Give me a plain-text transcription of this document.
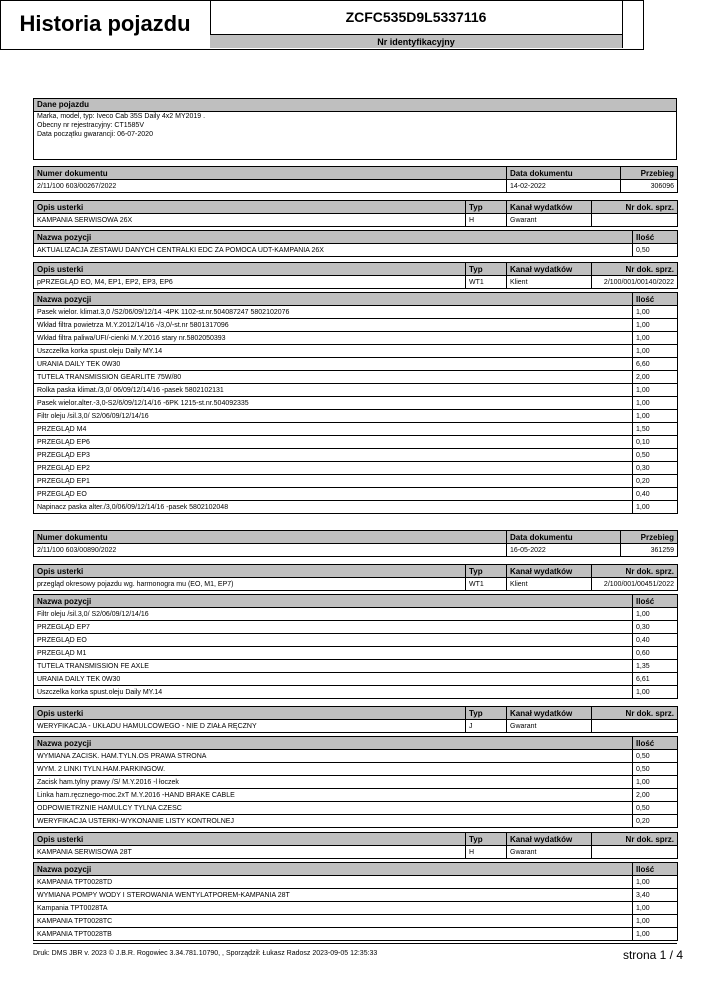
Historia pojazdu	ZCFC535D9L5337116
Nr identyfikacyjny
Dane pojazdu
Marka, model, typ: Iveco Cab 35S Daily 4x2 MY2019 .
Obecny nr rejestracyjny: CT1585V
Data początku gwarancji: 06-07-2020
Numer dokumentu	Data dokumentu	Przebieg
2/11/100 603/00267/2022	14-02-2022	306096
Opis usterki	Typ	Kanał wydatków	Nr dok. sprz.
KAMPANIA SERWISOWA 26X	H	Gwarant	
Nazwa pozycji	Ilość
AKTUALIZACJA ZESTAWU DANYCH CENTRALKI EDC ZA POMOCA UDT-KAMPANIA 26X	0,50
Opis usterki	Typ	Kanał wydatków	Nr dok. sprz.
pPRZEGLĄD EO, M4, EP1, EP2, EP3, EP6	WT1	Klient	2/100/001/00140/2022
Nazwa pozycji	Ilość
Pasek wielor. klimat.3,0 /S2/06/09/12/14 -4PK 1102-st.nr.504087247 5802102076	1,00
Wkład filtra powietrza M.Y.2012/14/16 -/3,0/-st.nr 5801317096	1,00
Wkład filtra paliwa/UFI/-cienki M.Y.2016 stary nr.5802050393	1,00
Uszczelka korka spust.oleju Daily MY.14	1,00
URANIA DAILY TEK 0W30	6,60
TUTELA TRANSMISSION GEARLITE 75W/80	2,00
Rolka paska klimat./3,0/ 06/09/12/14/16 -pasek 5802102131	1,00
Pasek wielor.alter.-3,0-S2/6/09/12/14/16 -6PK 1215-st.nr.504092335	1,00
Filtr oleju /sil.3,0/ S2/06/09/12/14/16	1,00
PRZEGLĄD M4	1,50
PRZEGLĄD EP6	0,10
PRZEGLĄD EP3	0,50
PRZEGLĄD EP2	0,30
PRZEGLĄD EP1	0,20
PRZEGLĄD EO	0,40
Napinacz paska alter./3,0/06/09/12/14/16 -pasek 5802102048	1,00
Numer dokumentu	Data dokumentu	Przebieg
2/11/100 603/00890/2022	16-05-2022	361259
Opis usterki	Typ	Kanał wydatków	Nr dok. sprz.
przegląd okresowy pojazdu wg. harmonogra mu (EO, M1, EP7)	WT1	Klient	2/100/001/00451/2022
Nazwa pozycji	Ilość
Filtr oleju /sil.3,0/ S2/06/09/12/14/16	1,00
PRZEGLĄD EP7	0,30
PRZEGLĄD EO	0,40
PRZEGLĄD M1	0,60
TUTELA TRANSMISSION FE AXLE	1,35
URANIA DAILY TEK 0W30	6,61
Uszczelka korka spust.oleju Daily MY.14	1,00
Opis usterki	Typ	Kanał wydatków	Nr dok. sprz.
WERYFIKACJA - UKŁADU HAMULCOWEGO - NIE D ZIAŁA RĘCZNY	J	Gwarant	
Nazwa pozycji	Ilość
WYMIANA ZACISK. HAM.TYLN.OS PRAWA STRONA	0,50
WYM. 2 LINKI TYLN.HAM.PARKINGOW.	0,50
Zacisk ham.tylny prawy /S/ M.Y.2016 -l łoczek	1,00
Linka ham.ręcznego-moc.2xT M.Y.2016 -HAND BRAKE CABLE	2,00
ODPOWIETRZNIE HAMULCY TYLNA CZESC	0,50
WERYFIKACJA USTERKI-WYKONANIE LISTY KONTROLNEJ	0,20
Opis usterki	Typ	Kanał wydatków	Nr dok. sprz.
KAMPANIA SERWISOWA 28T	H	Gwarant	
Nazwa pozycji	Ilość
KAMPANIA TPT0028TD	1,00
WYMIANA POMPY WODY I STEROWANIA WENTYLATPOREM-KAMPANIA 28T	3,40
Kampania TPT0028TA	1,00
KAMPANIA TPT0028TC	1,00
KAMPANIA TPT0028TB	1,00
Druk: DMS JBR v. 2023 © J.B.R. Rogowiec 3.34.781.10790, , Sporządził: Łukasz Radosz 2023-09-05 12:35:33	strona 1 / 4
